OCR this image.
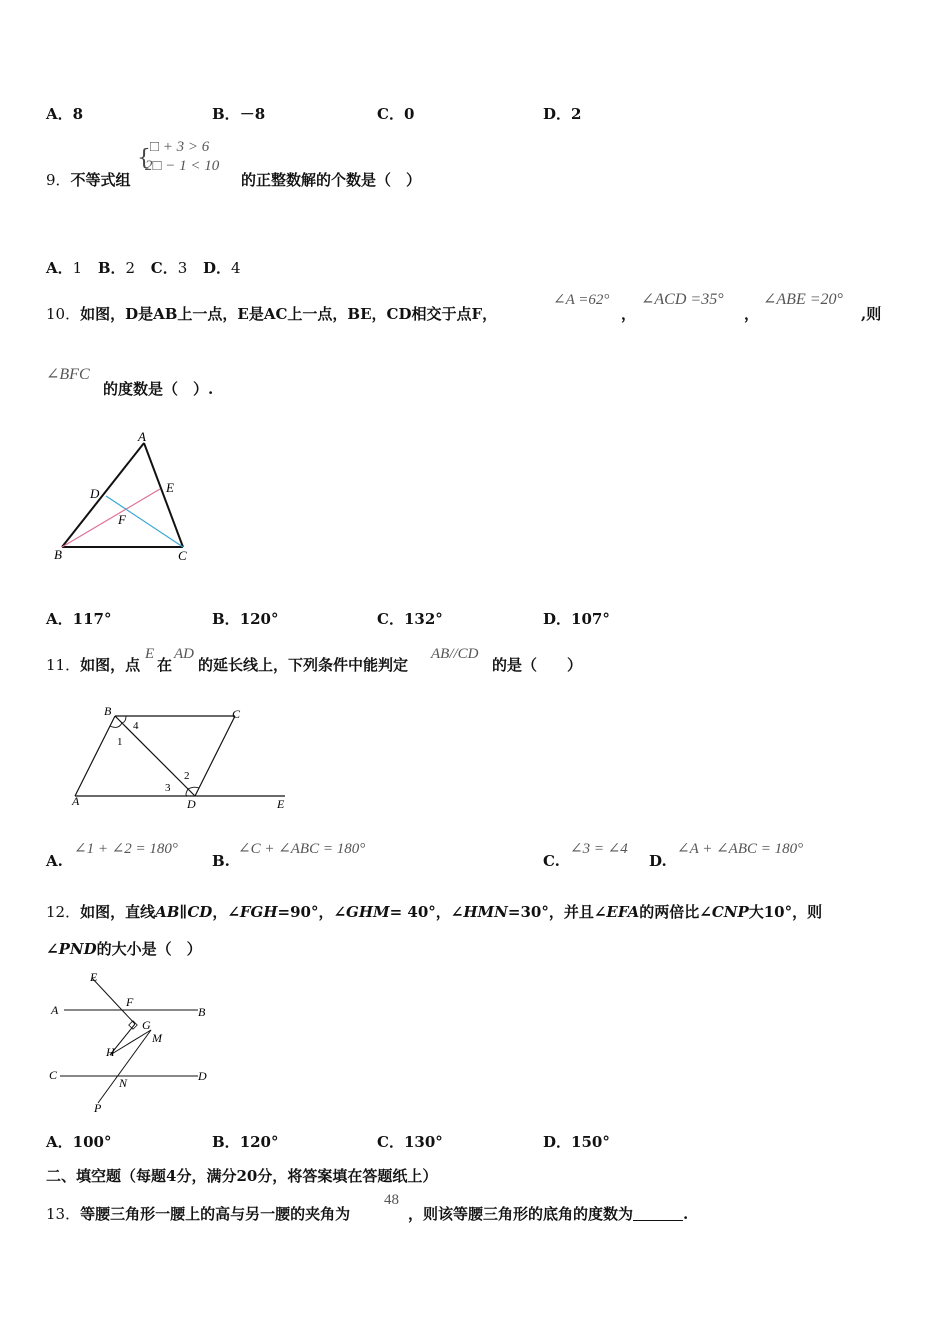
A．8	B．－8	C．0	D．2
9．不等式组
{ □ + 3 > 6
2□ − 1 < 10
的正整数解的个数是（　）
A．1 B．2 C．3 D．4
10．如图，D是AB上一点，E是AC上一点，BE，CD相交于点F，
∠A =62°
，
∠ACD =35°
，
∠ABE =20°
,则
∠BFC
的度数是（　）.
A
B	C
D	E
F
A．117°	B．120°	C．132°	D．107°
11．如图，点
E
在
AD
的延长线上，下列条件中能判定
AB//CD
的是（　　）
B	C
A	D	E
1
4
2
3
A.
∠1 + ∠2 = 180°
B.
∠C + ∠ABC = 180°
C.
∠3 = ∠4
D.
∠A + ∠ABC = 180°
12．如图，直线AB∥CD，∠FGH=90°，∠GHM= 40°，∠HMN=30°，并且∠EFA的两倍比∠CNP大10°，则
∠PND的大小是（　）
E
F
A	B
G
M
H
C	D
N
P
A．100°	B．120°	C．130°	D．150°
二、填空题（每题4分，满分20分，将答案填在答题纸上）
13．等腰三角形一腰上的高与另一腰的夹角为
48
，则该等腰三角形的底角的度数为	.
